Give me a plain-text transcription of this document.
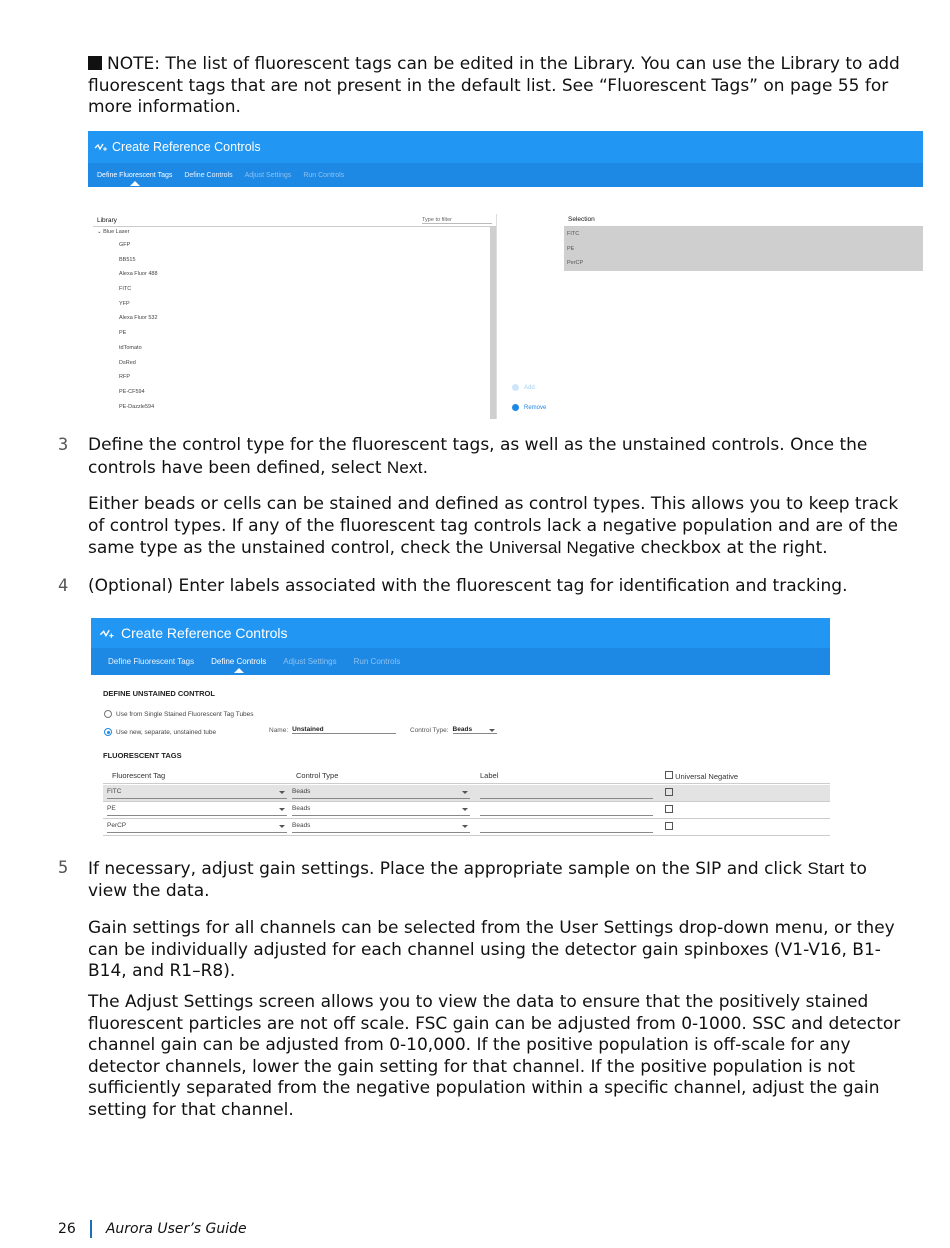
NOTE: The list of fluorescent tags can be edited in the Library. You can use the Library to add fluorescent tags that are not present in the default list. See “Fluorescent Tags” on page 55 for more information.
Create Reference Controls
Define Fluorescent Tags Define Controls Adjust Settings Run Controls
Library	Type to filter
⌄ Blue Laser
GFP
BB515
Alexa Fluor 488
FITC
YFP
Alexa Fluor 532
PE
tdTomato
DsRed
RFP
PE-CF594
PE-Dazzle594
Add
Remove
Selection
FITC
PE
PerCP
3 Define the control type for the fluorescent tags, as well as the unstained controls. Once the controls have been defined, select Next.
Either beads or cells can be stained and defined as control types. This allows you to keep track of control types. If any of the fluorescent tag controls lack a negative population and are of the same type as the unstained control, check the Universal Negative checkbox at the right.
4 (Optional) Enter labels associated with the fluorescent tag for identification and tracking.
Create Reference Controls
Define Fluorescent Tags Define Controls Adjust Settings Run Controls
DEFINE UNSTAINED CONTROL
Use from Single Stained Fluorescent Tag Tubes
Use new, separate, unstained tube	Name: Unstained	Control Type: Beads
FLUORESCENT TAGS
Fluorescent Tag	Control Type	Label	Universal Negative
FITC	Beads
PE	Beads
PerCP	Beads
5 If necessary, adjust gain settings. Place the appropriate sample on the SIP and click Start to view the data.
Gain settings for all channels can be selected from the User Settings drop-down menu, or they can be individually adjusted for each channel using the detector gain spinboxes (V1-V16, B1-B14, and R1–R8).
The Adjust Settings screen allows you to view the data to ensure that the positively stained fluorescent particles are not off scale. FSC gain can be adjusted from 0-1000. SSC and detector channel gain can be adjusted from 0-10,000. If the positive population is off-scale for any detector channels, lower the gain setting for that channel. If the positive population is not sufficiently separated from the negative population within a specific channel, adjust the gain setting for that channel.
26 Aurora User’s Guide
